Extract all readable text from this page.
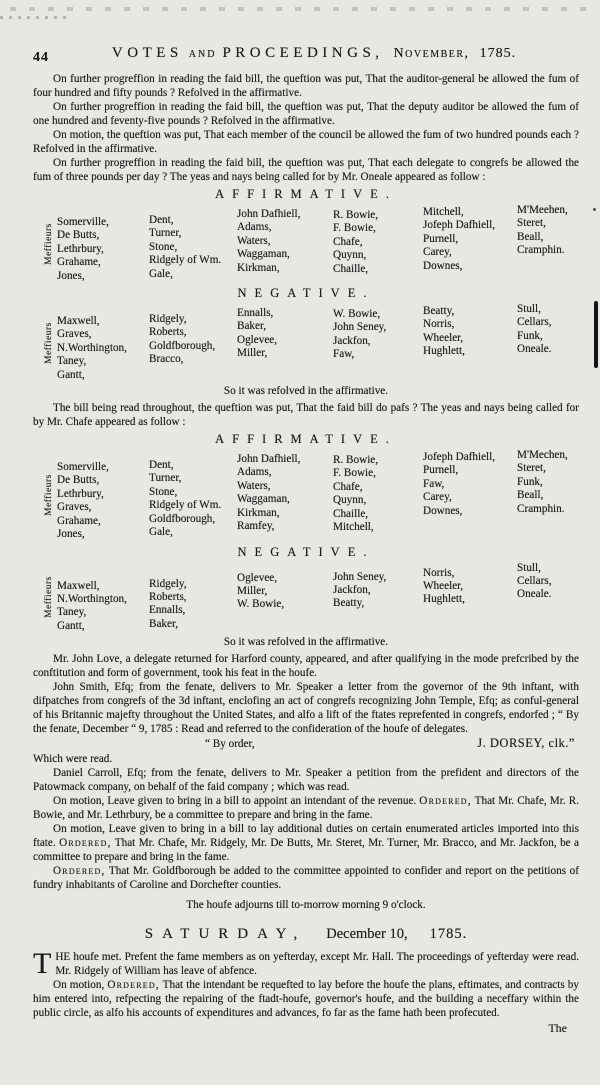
44	VOTES AND PROCEEDINGS, November, 1785.

On further progreffion in reading the faid bill, the queftion was put, That the auditor-general be allowed the fum of four hundred and fifty pounds ? Refolved in the affirmative.

On further progreffion in reading the faid bill, the queftion was put, That the deputy auditor be allowed the fum of one hundred and feventy-five pounds ? Refolved in the affirmative.

On motion, the queftion was put, That each member of the council be allowed the fum of two hundred pounds each ? Refolved in the affirmative.

On further progreffion in reading the faid bill, the queftion was put, That each delegate to congrefs be allowed the fum of three pounds per day ? The yeas and nays being called for by Mr. Oneale appeared as follow :

AFFIRMATIVE.
Meffieurs
Somerville,
De Butts,
Lethrbury,
Grahame,
Jones,
Dent,
Turner,
Stone,
Ridgely of Wm.
Gale,
John Dafhiell,
Adams,
Waters,
Waggaman,
Kirkman,
R. Bowie,
F. Bowie,
Chafe,
Quynn,
Chaille,
Mitchell,
Jofeph Dafhiell,
Purnell,
Carey,
Downes,
M'Meehen,
Steret,
Beall,
Cramphin.
NEGATIVE.
Meffieurs
Maxwell,
Graves,
N.Worthington,
Taney,
Gantt,
Ridgely,
Roberts,
Goldfborough,
Bracco,
Ennalls,
Baker,
Oglevee,
Miller,
W. Bowie,
John Seney,
Jackfon,
Faw,
Beatty,
Norris,
Wheeler,
Hughlett,
Stull,
Cellars,
Funk,
Oneale.
So it was refolved in the affirmative.

The bill being read throughout, the queftion was put, That the faid bill do pafs ? The yeas and nays being called for by Mr. Chafe appeared as follow :

AFFIRMATIVE.
Meffieurs
Somerville,
De Butts,
Lethrbury,
Graves,
Grahame,
Jones,
Dent,
Turner,
Stone,
Ridgely of Wm.
Goldfborough,
Gale,
John Dafhiell,
Adams,
Waters,
Waggaman,
Kirkman,
Ramfey,
R. Bowie,
F. Bowie,
Chafe,
Quynn,
Chaille,
Mitchell,
Jofeph Dafhiell,
Purnell,
Faw,
Carey,
Downes,
M'Mechen,
Steret,
Funk,
Beall,
Cramphin.
NEGATIVE.
Meffieurs Maxwell,
N.Worthington,
Taney,
Gantt,
Ridgely,
Roberts,
Ennalls,
Baker,
Oglevee,
Miller,
W. Bowie,
John Seney,
Jackfon,
Beatty,
Norris,
Wheeler,
Hughlett,
Stull,
Cellars,
Oneale.
So it was refolved in the affirmative.

Mr. John Love, a delegate returned for Harford county, appeared, and after qualifying in the mode prefcribed by the conftitution and form of government, took his feat in the houfe.

John Smith, Efq; from the fenate, delivers to Mr. Speaker a letter from the governor of the 9th inftant, with difpatches from congrefs of the 3d inftant, enclofing an act of congrefs recognizing John Temple, Efq; as conful-general of his Britannic majefty throughout the United States, and alfo a lift of the ftates reprefented in congrefs, endorfed ; “ By the fenate, December “ 9, 1785 : Read and referred to the confideration of the houfe of delegates.

“ By order,	J. DORSEY, clk.”

Which were read.

Daniel Carroll, Efq; from the fenate, delivers to Mr. Speaker a petition from the prefident and directors of the Patowmack company, on behalf of the faid company ; which was read.

On motion, Leave given to bring in a bill to appoint an intendant of the revenue. Ordered, That Mr. Chafe, Mr. R. Bowie, and Mr. Lethrbury, be a committee to prepare and bring in the fame.

On motion, Leave given to bring in a bill to lay additional duties on certain enumerated articles imported into this ftate. Ordered, That Mr. Chafe, Mr. Ridgely, Mr. De Butts, Mr. Steret, Mr. Turner, Mr. Bracco, and Mr. Jackfon, be a committee to prepare and bring in the fame.

Ordered, That Mr. Goldfborough be added to the committee appointed to confider and report on the petitions of fundry inhabitants of Caroline and Dorchefter counties.

The houfe adjourns till to-morrow morning 9 o'clock.
SATURDAY, December 10, 1785.

THE houfe met. Prefent the fame members as on yefterday, except Mr. Hall. The proceedings of yefterday were read. Mr. Ridgely of William has leave of abfence.

On motion, Ordered, That the intendant be requefted to lay before the houfe the plans, eftimates, and contracts by him entered into, refpecting the repairing of the ftadt-houfe, governor's houfe, and the building a neceffary within the public circle, as alfo his accounts of expenditures and advances, fo far as the fame hath been profecuted.

The
